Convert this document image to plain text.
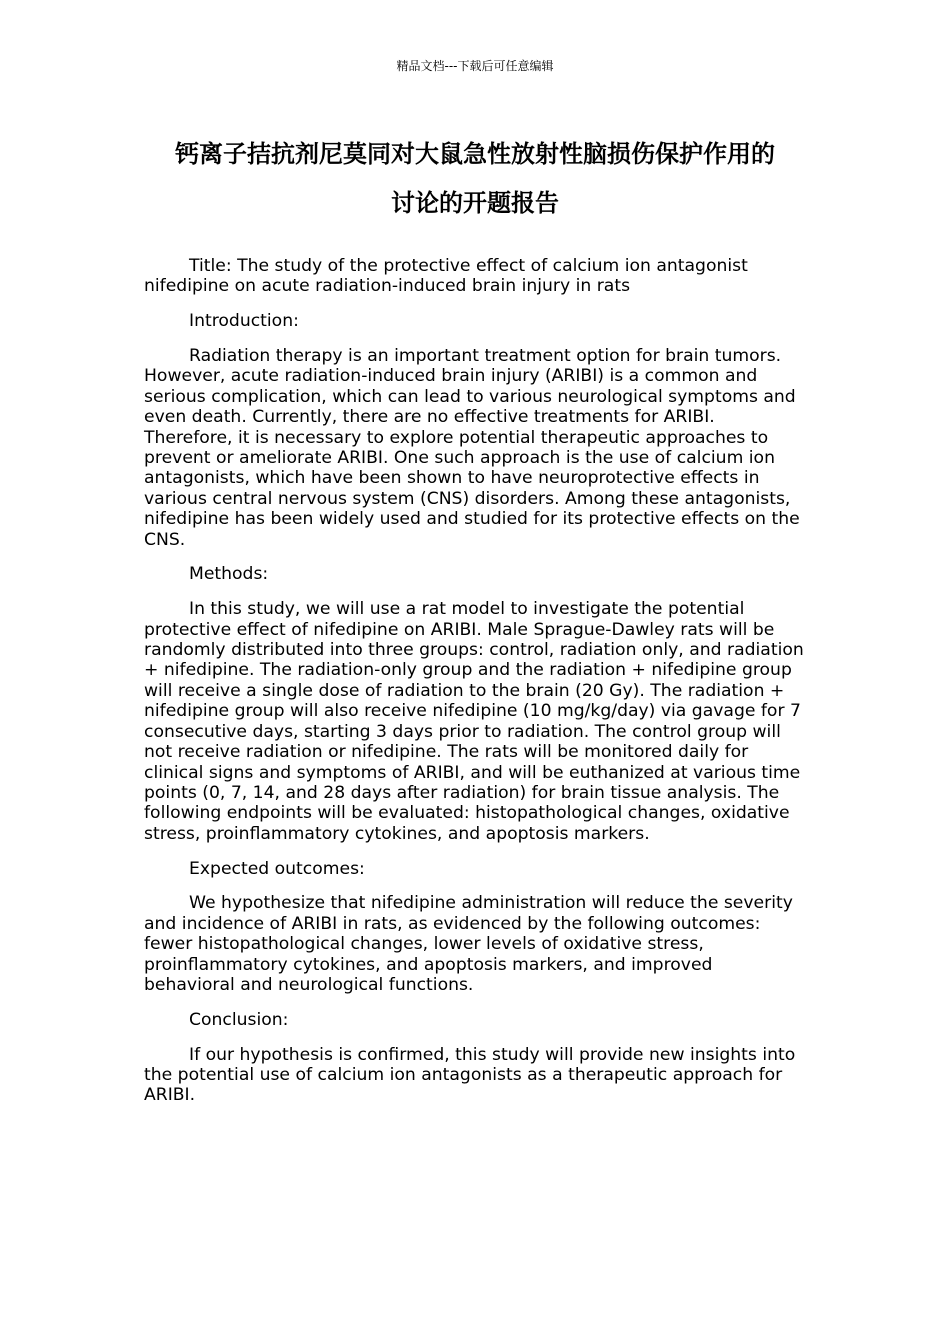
精品文档---下载后可任意编辑
钙离子拮抗剂尼莫同对大鼠急性放射性脑损伤保护作用的
讨论的开题报告

Title: The study of the protective effect of calcium ion antagonist nifedipine on acute radiation-induced brain injury in rats

Introduction:

Radiation therapy is an important treatment option for brain tumors. However, acute radiation-induced brain injury (ARIBI) is a common and serious complication, which can lead to various neurological symptoms and even death. Currently, there are no effective treatments for ARIBI. Therefore, it is necessary to explore potential therapeutic approaches to prevent or ameliorate ARIBI. One such approach is the use of calcium ion antagonists, which have been shown to have neuroprotective effects in various central nervous system (CNS) disorders. Among these antagonists, nifedipine has been widely used and studied for its protective effects on the CNS.

Methods:

In this study, we will use a rat model to investigate the potential protective effect of nifedipine on ARIBI. Male Sprague-Dawley rats will be randomly distributed into three groups: control, radiation only, and radiation + nifedipine. The radiation-only group and the radiation + nifedipine group will receive a single dose of radiation to the brain (20 Gy). The radiation + nifedipine group will also receive nifedipine (10 mg/kg/day) via gavage for 7 consecutive days, starting 3 days prior to radiation. The control group will not receive radiation or nifedipine. The rats will be monitored daily for clinical signs and symptoms of ARIBI, and will be euthanized at various time points (0, 7, 14, and 28 days after radiation) for brain tissue analysis. The following endpoints will be evaluated: histopathological changes, oxidative stress, proinflammatory cytokines, and apoptosis markers.

Expected outcomes:

We hypothesize that nifedipine administration will reduce the severity and incidence of ARIBI in rats, as evidenced by the following outcomes: fewer histopathological changes, lower levels of oxidative stress, proinflammatory cytokines, and apoptosis markers, and improved behavioral and neurological functions.

Conclusion:

If our hypothesis is confirmed, this study will provide new insights into the potential use of calcium ion antagonists as a therapeutic approach for ARIBI.
